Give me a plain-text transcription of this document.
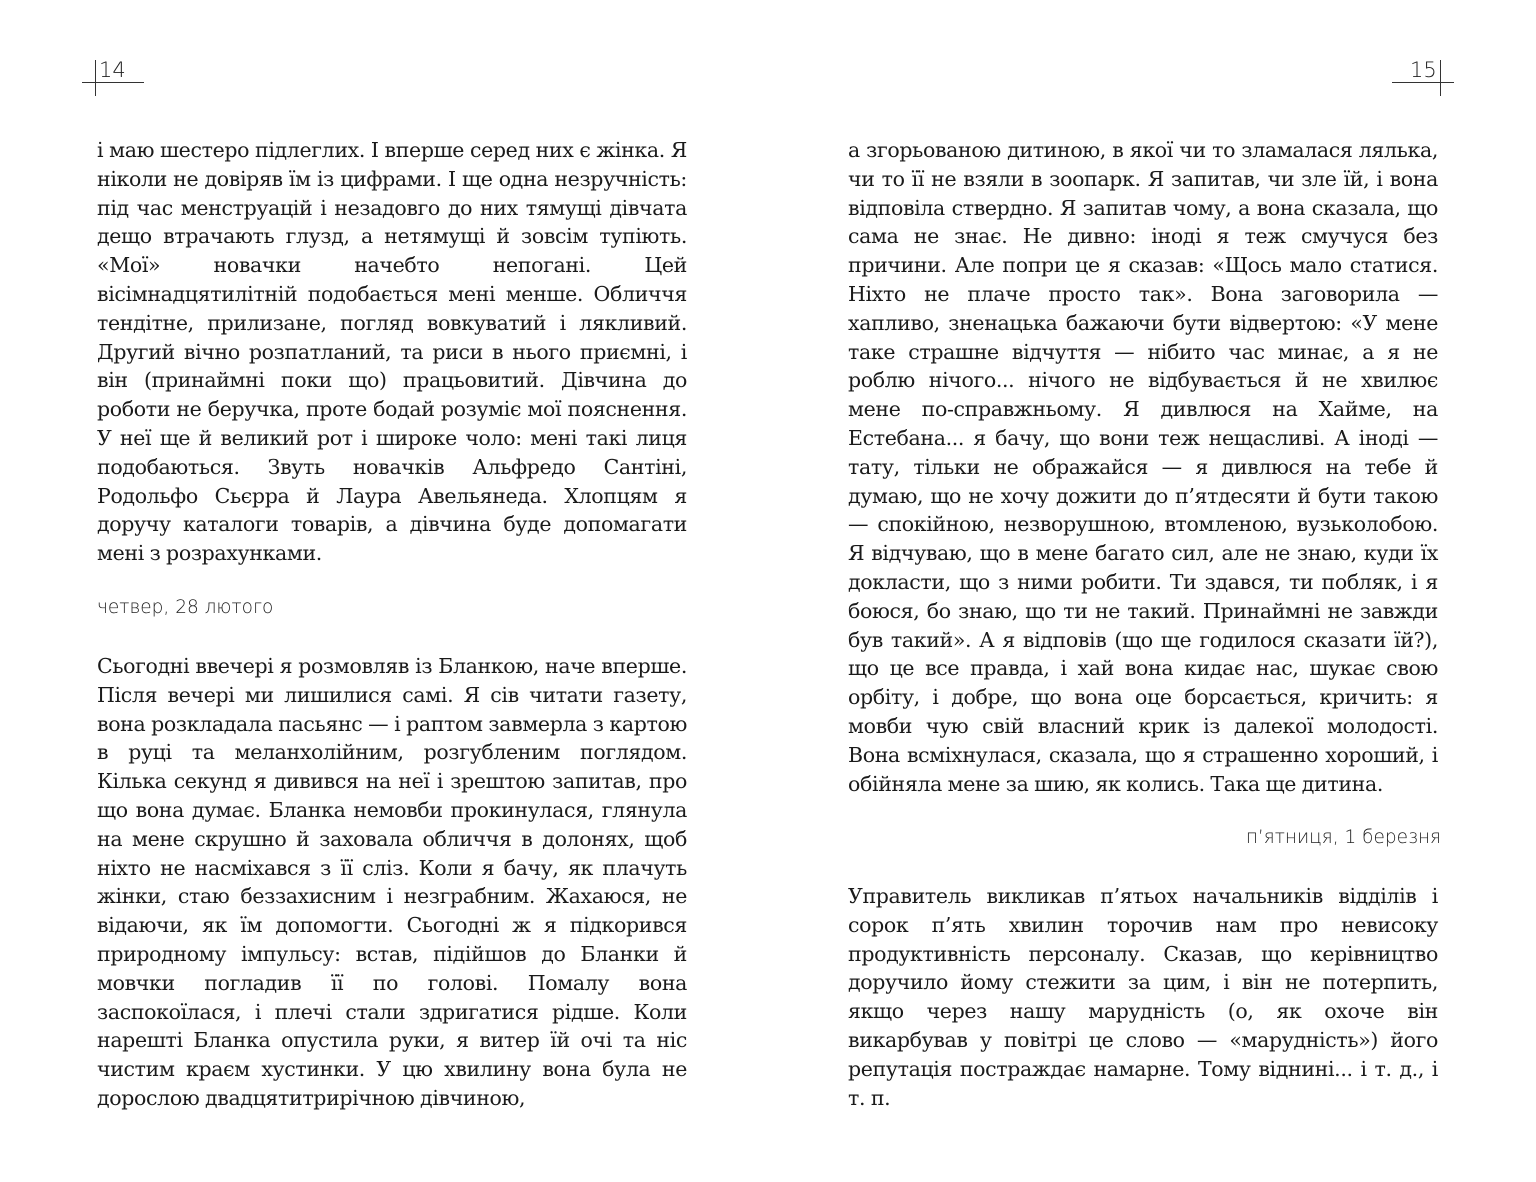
14	15

і маю шестеро підлеглих. І вперше серед них є жінка. Я ніколи не довіряв їм із цифрами. І ще одна незручність: під час менструацій і незадовго до них тямущі дівчата дещо втрачають глузд, а нетямущі й зовсім тупіють. «Мої» новачки начебто непогані. Цей вісімнадцятилітній подобається мені менше. Обличчя тендітне, прилизане, погляд вовкуватий і лякливий. Другий вічно розпатланий, та риси в нього приємні, і він (принаймні поки що) працьовитий. Дівчина до роботи не беручка, проте бодай розуміє мої пояснення. У неї ще й великий рот і широке чоло: мені такі лиця подобаються. Звуть новачків Альфредо Сантіні, Родольфо Сьєрра й Лаура Авельянеда. Хлопцям я доручу каталоги товарів, а дівчина буде допомагати мені з розрахунками.

четвер, 28 лютого

Сьогодні ввечері я розмовляв із Бланкою, наче вперше. Після вечері ми лишилися самі. Я сів читати газету, вона розкладала пасьянс — і раптом завмерла з картою в руці та меланхолійним, розгубленим поглядом. Кілька секунд я дивився на неї і зрештою запитав, про що вона думає. Бланка немовби прокинулася, глянула на мене скрушно й заховала обличчя в долонях, щоб ніхто не насміхався з її сліз. Коли я бачу, як плачуть жінки, стаю беззахисним і незграбним. Жахаюся, не відаючи, як їм допомогти. Сьогодні ж я підкорився природному імпульсу: встав, підійшов до Бланки й мовчки погладив її по голові. Помалу вона заспокоїлася, і плечі стали здригатися рідше. Коли нарешті Бланка опустила руки, я витер їй очі та ніс чистим краєм хустинки. У цю хвилину вона була не дорослою двадцятитрирічною дівчиною,

а згорьованою дитиною, в якої чи то зламалася лялька, чи то її не взяли в зоопарк. Я запитав, чи зле їй, і вона відповіла ствердно. Я запитав чому, а вона сказала, що сама не знає. Не дивно: іноді я теж смучуся без причини. Але попри це я сказав: «Щось мало статися. Ніхто не плаче просто так». Вона заговорила — хапливо, зненацька бажаючи бути відвертою: «У мене таке страшне відчуття — нібито час минає, а я не роблю нічого... нічого не відбувається й не хвилює мене по-справжньому. Я дивлюся на Хайме, на Естебана... я бачу, що вони теж нещасливі. А іноді — тату, тільки не ображайся — я дивлюся на тебе й думаю, що не хочу дожити до п’ятдесяти й бути такою — спокійною, незворушною, втомленою, вузьколобою. Я відчуваю, що в мене багато сил, але не знаю, куди їх докласти, що з ними робити. Ти здався, ти побляк, і я боюся, бо знаю, що ти не такий. Принаймні не завжди був такий». А я відповів (що ще годилося сказати їй?), що це все правда, і хай вона кидає нас, шукає свою орбіту, і добре, що вона оце борсається, кричить: я мовби чую свій власний крик із далекої молодості. Вона всміхнулася, сказала, що я страшенно хороший, і обійняла мене за шию, як колись. Така ще дитина.

п’ятниця, 1 березня

Управитель викликав п’ятьох начальників відділів і сорок п’ять хвилин торочив нам про невисоку продуктивність персоналу. Сказав, що керівництво доручило йому стежити за цим, і він не потерпить, якщо через нашу марудність (о, як охоче він викарбував у повітрі це слово — «марудність») його репутація постраждає намарне. Тому віднині... і т. д., і т. п.
